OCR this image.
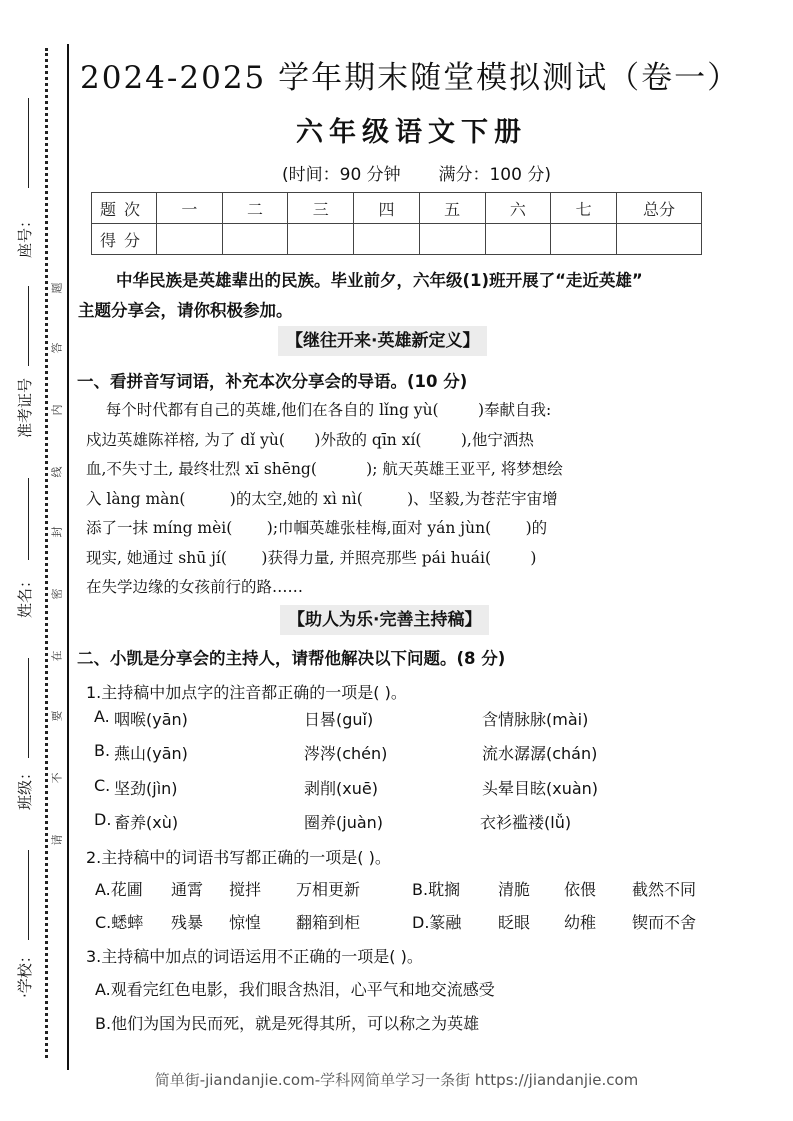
座号：
准考证号
姓名：
班级：
·学校：
题
答
内
线
封
密
在
要
不
请
2024-2025 学年期末随堂模拟测试（卷一）
六年级语文下册
(时间：90 分钟       满分：100 分)
题次	一	二	三	四	五	六	七	总分
得分								
中华民族是英雄辈出的民族。毕业前夕，六年级(1)班开展了“走近英雄”
主题分享会，请你积极参加。
【继往开来·英雄新定义】
一、看拼音写词语，补充本次分享会的导语。(10 分)
每个时代都有自己的英雄,他们在各自的 lǐng yù(        )奉献自我:
戍边英雄陈祥榕, 为了 dǐ yù(      )外敌的 qīn xí(        ),他宁洒热
血,不失寸土, 最终壮烈 xī shēng(          ); 航天英雄王亚平, 将梦想绘
入 làng màn(         )的太空,她的 xì nì(         )、坚毅,为苍茫宇宙增
添了一抹 míng mèi(       );巾帼英雄张桂梅,面对 yán jùn(       )的
现实, 她通过 shū jí(       )获得力量, 并照亮那些 pái huái(        )
在失学边缘的女孩前行的路……
【助人为乐·完善主持稿】
二、小凯是分享会的主持人，请帮他解决以下问题。(8 分)
1.主持稿中加点字的注音都正确的一项是( )。
A. 咽喉(yān)	日晷(guǐ)	含情脉脉(mài)
B. 燕山(yān)	涔涔(chén)	流水潺潺(chán)
C. 坚劲(jìn)	剥削(xuē)	头晕目眩(xuàn)
D. 畜养(xù)	圈养(juàn)	衣衫褴褛(lǚ)
2.主持稿中的词语书写都正确的一项是( )。
A.花圃 通霄 搅拌 万相更新	B.耽搁 清脆 依偎 截然不同
C.蟋蟀 残暴 惊惶 翻箱到柜	D.篆融 眨眼 幼稚 锲而不舍
3.主持稿中加点的词语运用不正确的一项是( )。
A.观看完红色电影，我们眼含热泪，心平气和地交流感受
B.他们为国为民而死，就是死得其所，可以称之为英雄
简单街-jiandanjie.com-学科网简单学习一条街 https://jiandanjie.com
